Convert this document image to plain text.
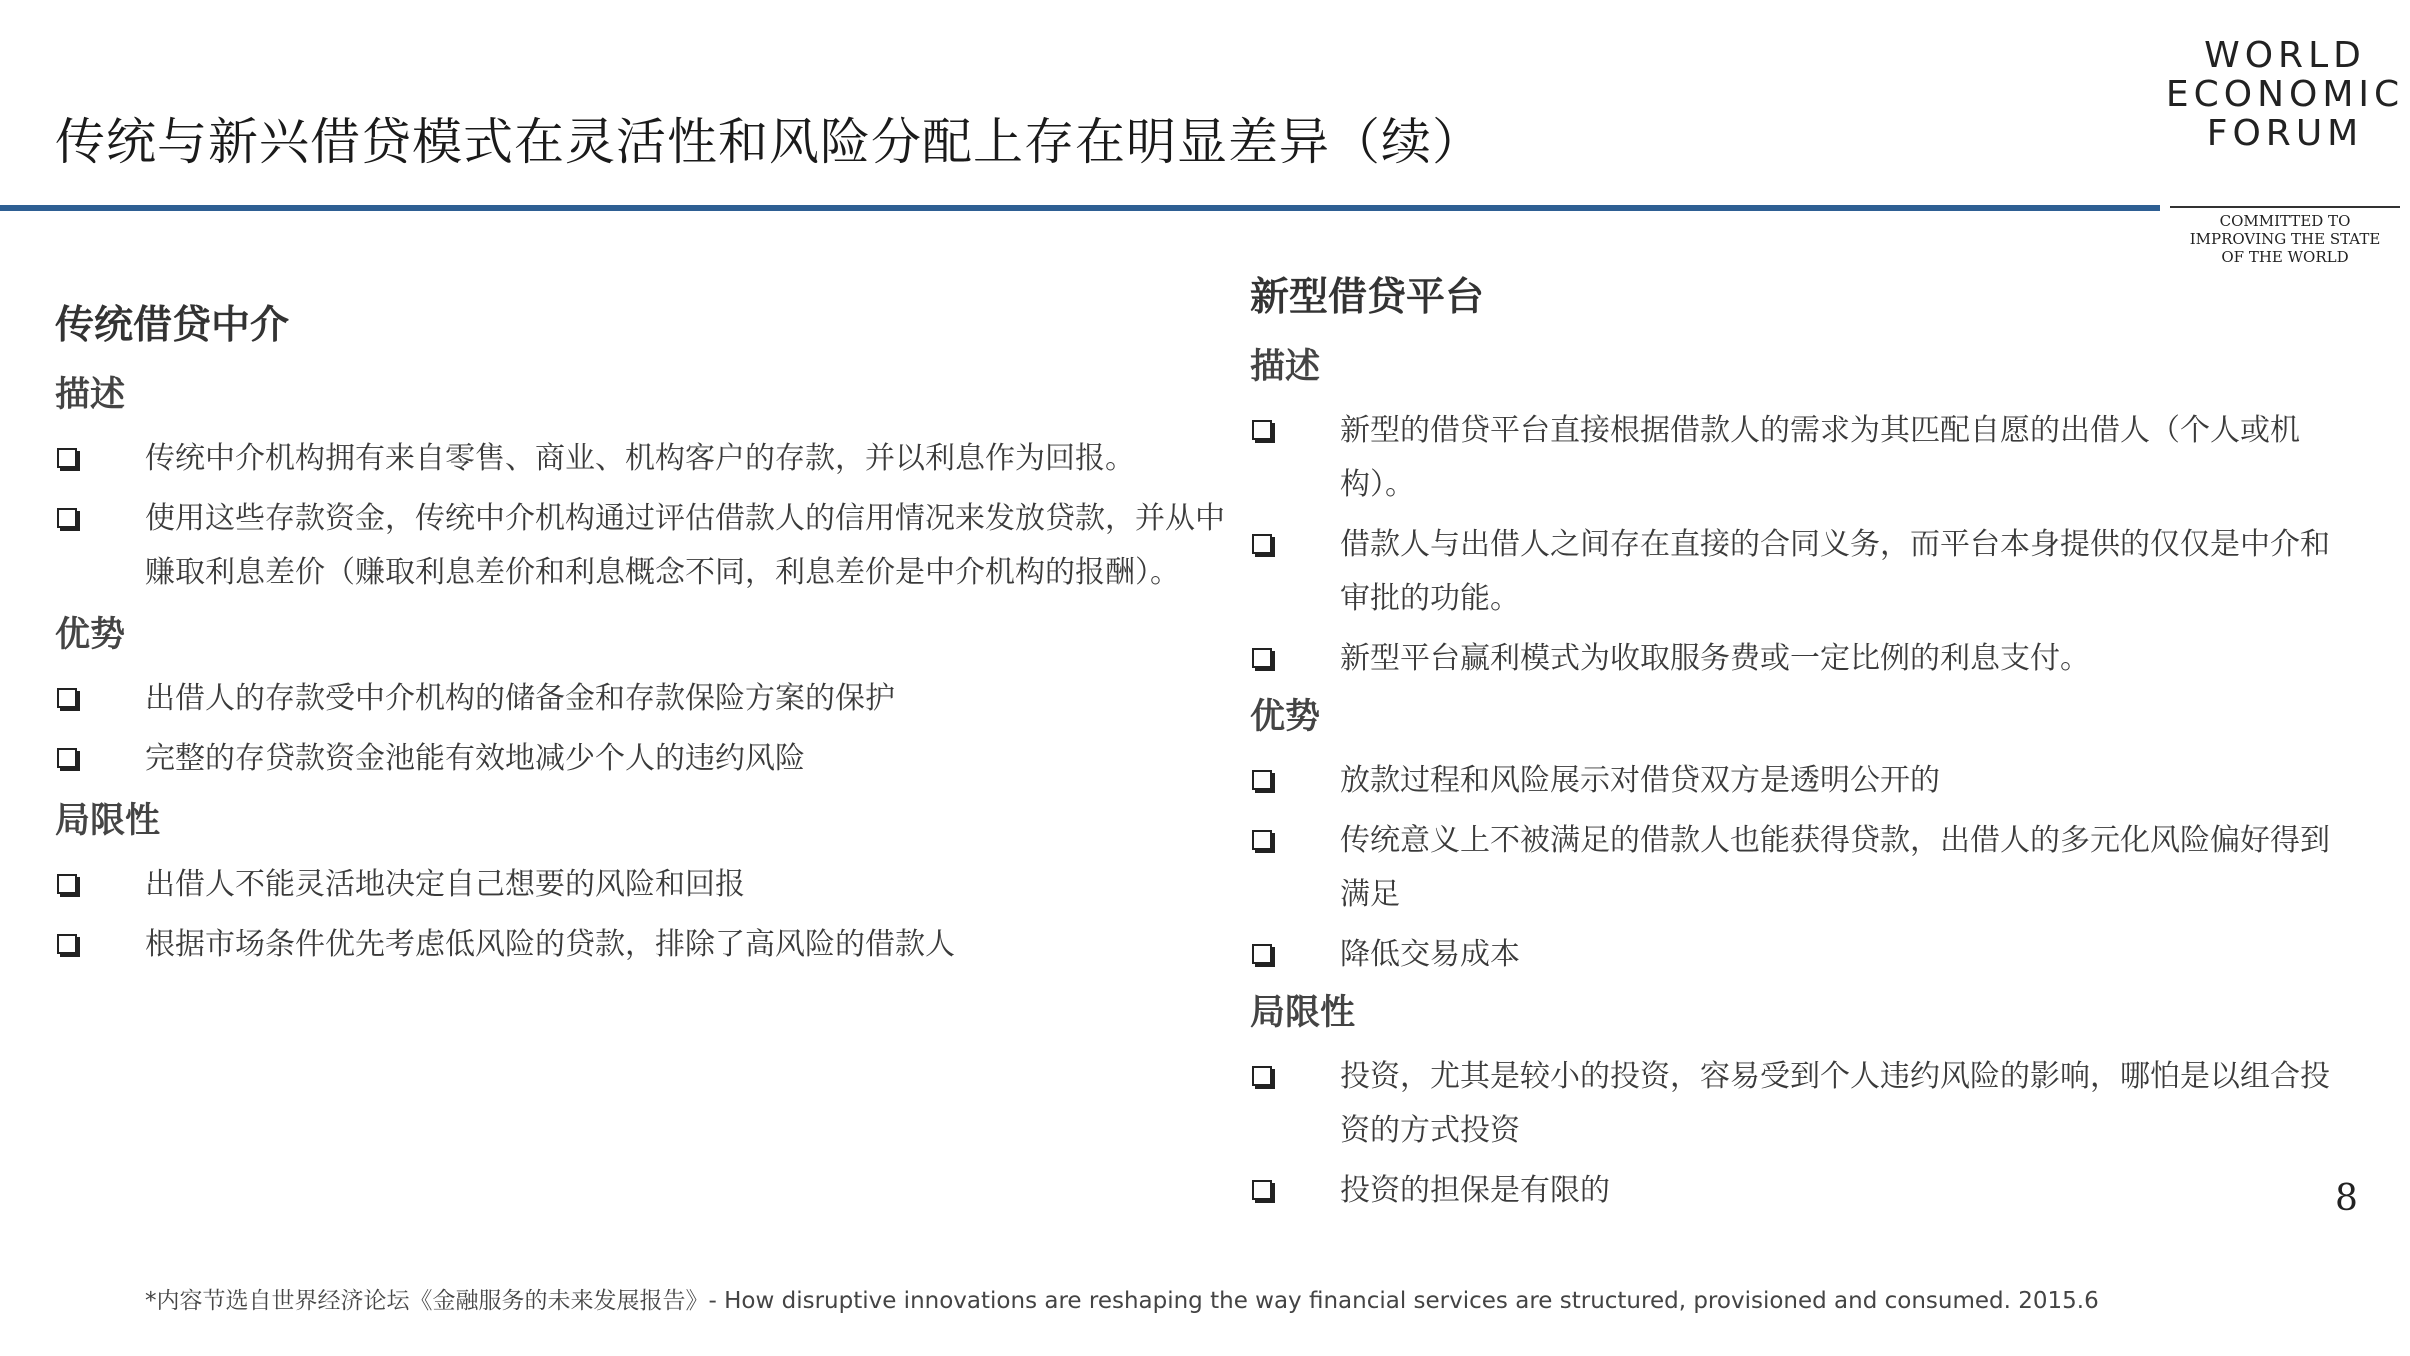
传统与新兴借贷模式在灵活性和风险分配上存在明显差异（续）
WORLD
ECONOMIC
FORUM
COMMITTED TO
IMPROVING THE STATE
OF THE WORLD
传统借贷中介
描述
传统中介机构拥有来自零售、商业、机构客户的存款，并以利息作为回报。
使用这些存款资金，传统中介机构通过评估借款人的信用情况来发放贷款，并从中赚取利息差价（赚取利息差价和利息概念不同，利息差价是中介机构的报酬）。
优势
出借人的存款受中介机构的储备金和存款保险方案的保护
完整的存贷款资金池能有效地减少个人的违约风险
局限性
出借人不能灵活地决定自己想要的风险和回报
根据市场条件优先考虑低风险的贷款，排除了高风险的借款人
新型借贷平台
描述
新型的借贷平台直接根据借款人的需求为其匹配自愿的出借人（个人或机构）。
借款人与出借人之间存在直接的合同义务，而平台本身提供的仅仅是中介和审批的功能。
新型平台赢利模式为收取服务费或一定比例的利息支付。
优势
放款过程和风险展示对借贷双方是透明公开的
传统意义上不被满足的借款人也能获得贷款，出借人的多元化风险偏好得到满足
降低交易成本
局限性
投资，尤其是较小的投资，容易受到个人违约风险的影响，哪怕是以组合投资的方式投资
投资的担保是有限的	8
*内容节选自世界经济论坛《金融服务的未来发展报告》- How disruptive innovations are reshaping the way financial services are structured, provisioned and consumed. 2015.6
